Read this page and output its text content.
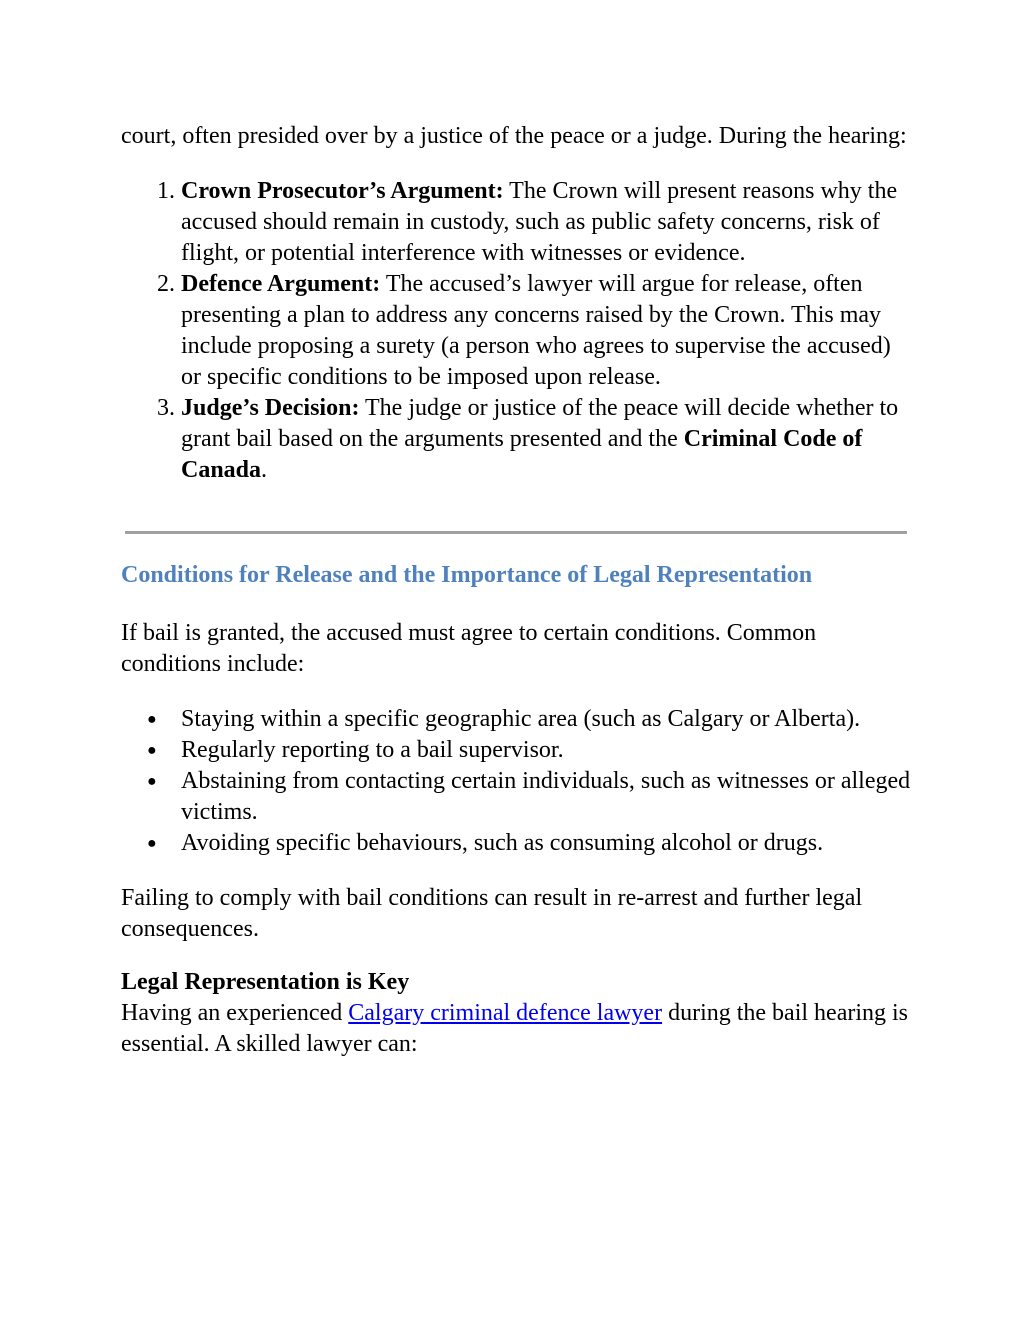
court, often presided over by a justice of the peace or a judge. During the hearing:

1. Crown Prosecutor’s Argument: The Crown will present reasons why the accused should remain in custody, such as public safety concerns, risk of flight, or potential interference with witnesses or evidence.
2. Defence Argument: The accused’s lawyer will argue for release, often presenting a plan to address any concerns raised by the Crown. This may include proposing a surety (a person who agrees to supervise the accused) or specific conditions to be imposed upon release.
3. Judge’s Decision: The judge or justice of the peace will decide whether to grant bail based on the arguments presented and the Criminal Code of Canada.
Conditions for Release and the Importance of Legal Representation

If bail is granted, the accused must agree to certain conditions. Common conditions include:

● Staying within a specific geographic area (such as Calgary or Alberta).
● Regularly reporting to a bail supervisor.
● Abstaining from contacting certain individuals, such as witnesses or alleged victims.
● Avoiding specific behaviours, such as consuming alcohol or drugs.

Failing to comply with bail conditions can result in re-arrest and further legal consequences.

Legal Representation is Key

Having an experienced Calgary criminal defence lawyer during the bail hearing is essential. A skilled lawyer can:
